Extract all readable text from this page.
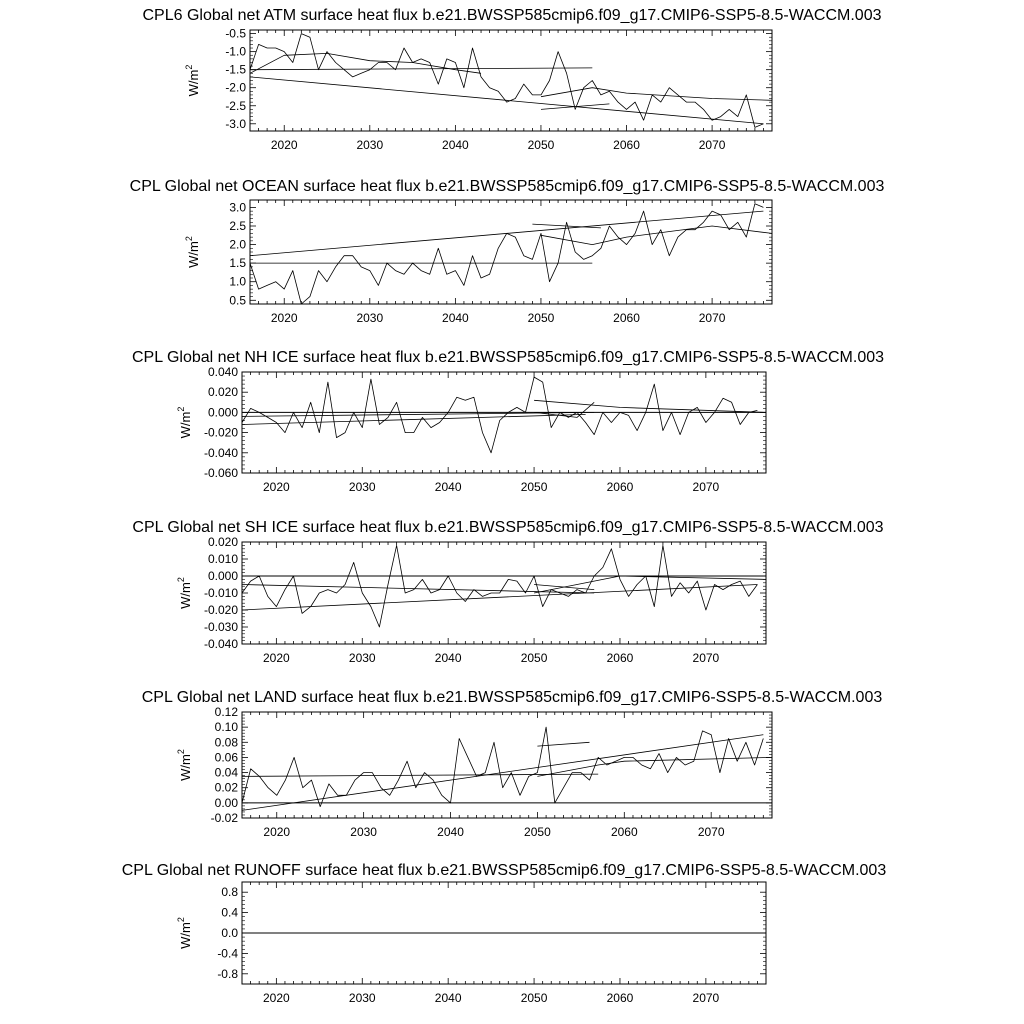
CPL6 Global net ATM surface heat flux b.e21.BWSSP585cmip6.f09_g17.CMIP6-SSP5-8.5-WACCM.003
2020	2030	2040	2050	2060	2070
-3.0
-2.5
-2.0
-1.5
-1.0
-0.5
$W/m^2$
CPL Global net OCEAN surface heat flux b.e21.BWSSP585cmip6.f09_g17.CMIP6-SSP5-8.5-WACCM.003
2020	2030	2040	2050	2060	2070
0.5
1.0
1.5
2.0
2.5
3.0
$W/m^2$
CPL Global net NH ICE surface heat flux b.e21.BWSSP585cmip6.f09_g17.CMIP6-SSP5-8.5-WACCM.003
2020	2030	2040	2050	2060	2070
-0.060
-0.040
-0.020
0.000
0.020
0.040
$W/m^2$
CPL Global net SH ICE surface heat flux b.e21.BWSSP585cmip6.f09_g17.CMIP6-SSP5-8.5-WACCM.003
2020	2030	2040	2050	2060	2070
-0.040
-0.030
-0.020
-0.010
0.000
0.010
0.020
$W/m^2$
CPL Global net LAND surface heat flux b.e21.BWSSP585cmip6.f09_g17.CMIP6-SSP5-8.5-WACCM.003
2020	2030	2040	2050	2060	2070
-0.02
0.00
0.02
0.04
0.06
0.08
0.10
0.12
$W/m^2$
CPL Global net RUNOFF surface heat flux b.e21.BWSSP585cmip6.f09_g17.CMIP6-SSP5-8.5-WACCM.003
2020	2030	2040	2050	2060	2070
-0.8
-0.4
0.0
0.4
0.8
$W/m^2$
